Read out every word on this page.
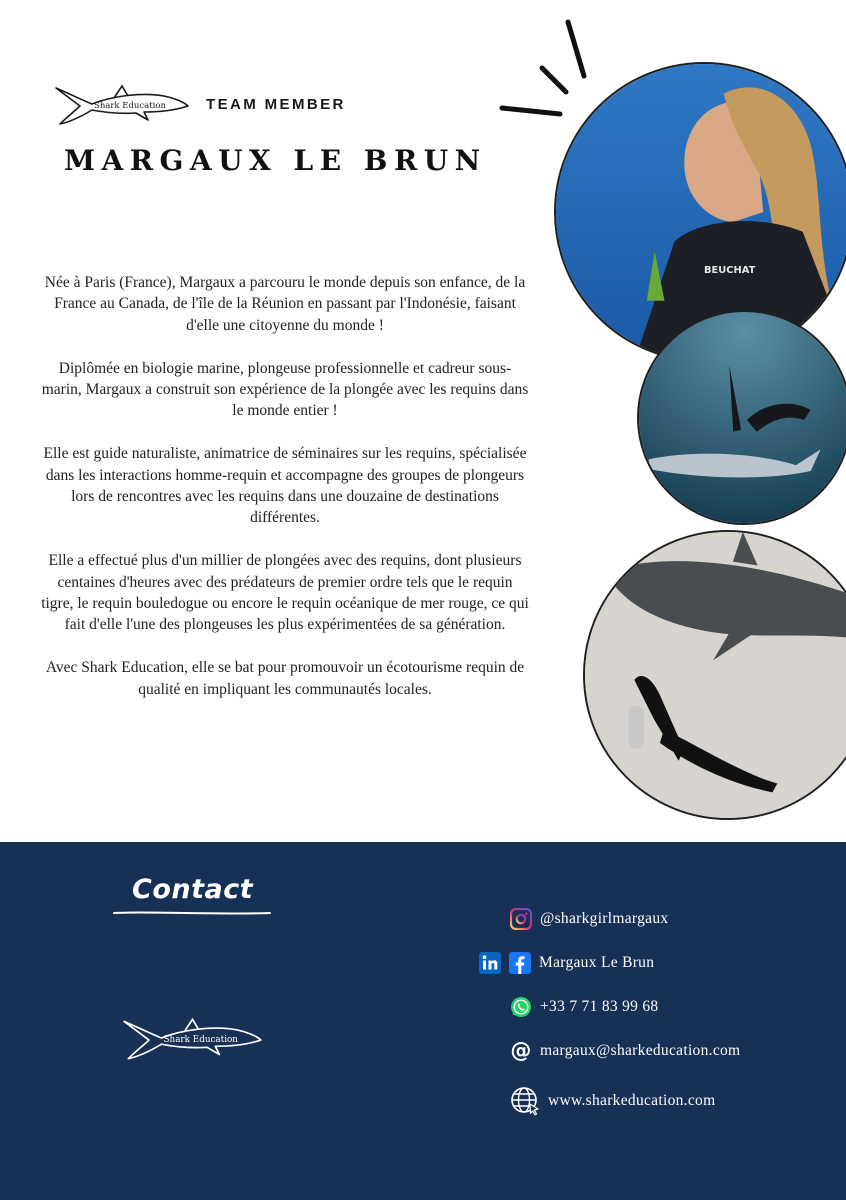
Shark Education	TEAM MEMBER
MARGAUX LE BRUN

Née à Paris (France), Margaux a parcouru le monde depuis son enfance, de la France au Canada, de l'île de la Réunion en passant par l'Indonésie, faisant d'elle une citoyenne du monde !

Diplômée en biologie marine, plongeuse professionnelle et cadreur sous-marin, Margaux a construit son expérience de la plongée avec les requins dans le monde entier !

Elle est guide naturaliste, animatrice de séminaires sur les requins, spécialisée dans les interactions homme-requin et accompagne des groupes de plongeurs lors de rencontres avec les requins dans une douzaine de destinations différentes.

Elle a effectué plus d'un millier de plongées avec des requins, dont plusieurs centaines d'heures avec des prédateurs de premier ordre tels que le requin tigre, le requin bouledogue ou encore le requin océanique de mer rouge, ce qui fait d'elle l'une des plongeuses les plus expérimentées de sa génération.

Avec Shark Education, elle se bat pour promouvoir un écotourisme requin de qualité en impliquant les communautés locales.

BEUCHAT
Contact
Shark Education
@sharkgirlmargaux
Margaux Le Brun
+33 7 71 83 99 68
@ margaux@sharkeducation.com
www.sharkeducation.com
